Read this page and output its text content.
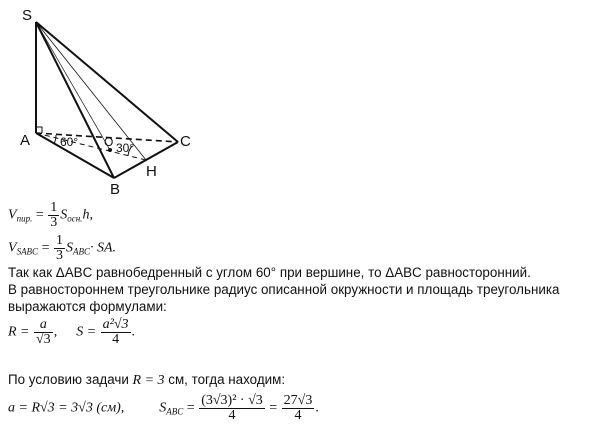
S
A
B
C
O
H
60°	30°
$V_{пир.} = \frac{1}{3} S_{осн.}h$,
$V_{SABC} = \frac{1}{3} S_{ABC}\cdot$ SA.
Так как ΔABC равнобедренный с углом 60° при вершине, то ΔABC равносторонний.
В равностороннем треугольнике радиус описанной окружности и площадь треугольника
выражаются формулами:
$R = \frac{a}{√3}$ , $S = \frac{\text{a²√3}}{4}$ .
По условию задачи R = 3 см, тогда находим:
a = R√3 = 3√3 (см),	$S_{ABC} = \frac{\text{(3√3)² · √3}}{4} = \frac{27√3}{4}$ .
